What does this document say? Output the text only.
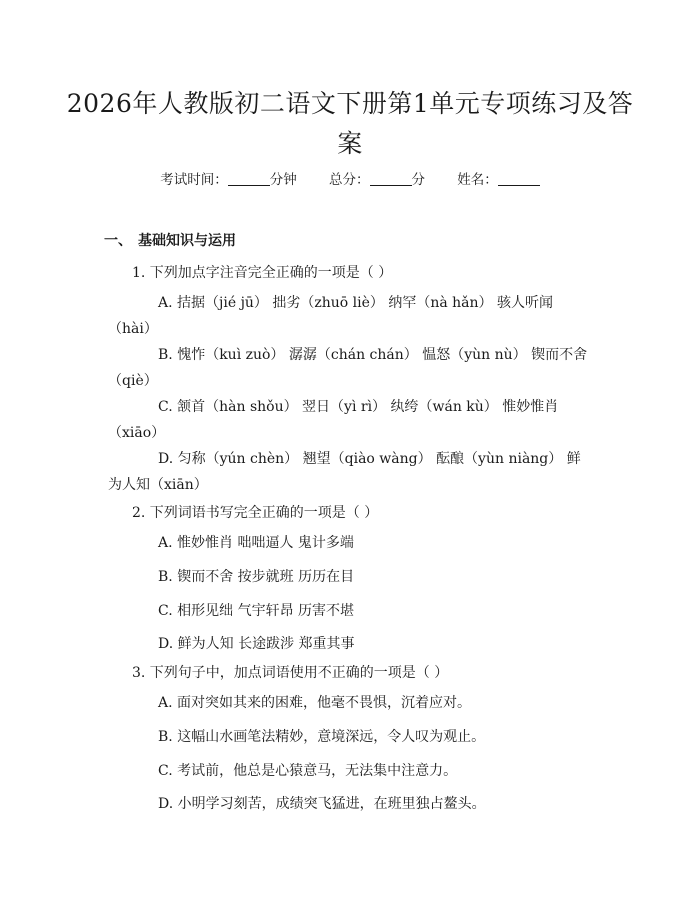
2026年人教版初二语文下册第1单元专项练习及答案
考试时间：	分钟 总分：	分 姓名：
一、 基础知识与运用
1. 下列加点字注音完全正确的一项是（ ）
A. 拮据（jié jū） 拙劣（zhuō liè） 纳罕（nà hǎn） 骇人听闻（hài）
B. 愧怍（kuì zuò） 潺潺（chán chán） 愠怒（yùn nù） 锲而不舍（qiè）
C. 颔首（hàn shǒu） 翌日（yì rì） 纨绔（wán kù） 惟妙惟肖（xiāo）
D. 匀称（yún chèn） 翘望（qiào wàng） 酝酿（yùn niàng） 鲜为人知（xiān）
2. 下列词语书写完全正确的一项是（ ）
A. 惟妙惟肖 咄咄逼人 鬼计多端
B. 锲而不舍 按步就班 历历在目
C. 相形见绌 气宇轩昂 历害不堪
D. 鲜为人知 长途跋涉 郑重其事
3. 下列句子中，加点词语使用不正确的一项是（ ）
A. 面对突如其来的困难，他毫不畏惧，沉着应对。
B. 这幅山水画笔法精妙，意境深远，令人叹为观止。
C. 考试前，他总是心猿意马，无法集中注意力。
D. 小明学习刻苦，成绩突飞猛进，在班里独占鳌头。
